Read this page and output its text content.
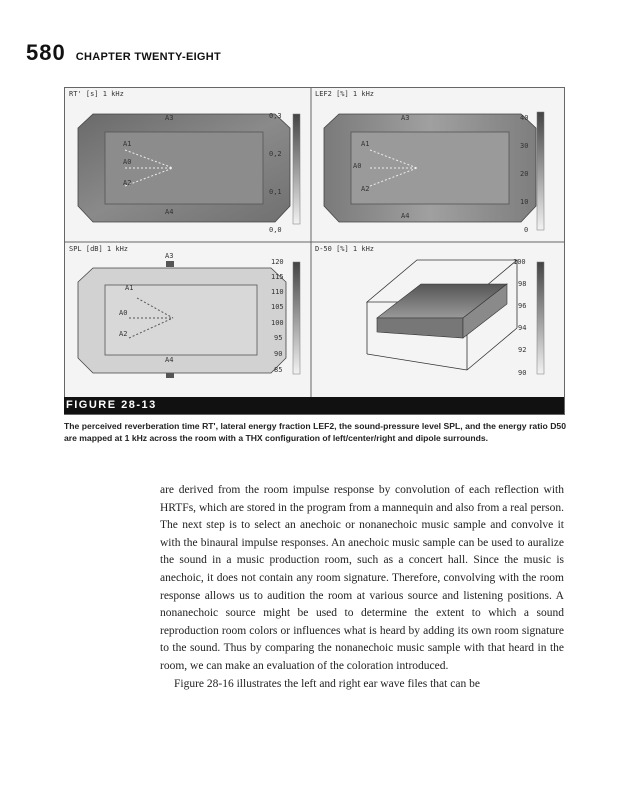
580 CHAPTER TWENTY-EIGHT
RT' [s] 1 kHz	LEF2 [%] 1 kHz
SPL [dB] 1 kHz	D-50 [%] 1 kHz
0,3
0,2
0,1
0,0
40
30
20
10
0
120
115
110
105
100
95
90
85
100
98
96
94
92
90
A3
A1
A0
A2
A4
A3
A1
A0
A2
A4
A3
A1
A0
A2
A4
FIGURE 28-13
The perceived reverberation time RT', lateral energy fraction LEF2, the sound-pressure level SPL, and the energy ratio D50 are mapped at 1 kHz across the room with a THX configuration of left/center/right and dipole surrounds.

are derived from the room impulse response by convolution of each reflection with HRTFs, which are stored in the program from a mannequin and also from a real person. The next step is to select an anechoic or nonanechoic music sample and convolve it with the binaural impulse responses. An anechoic music sample can be used to auralize the sound in a music production room, such as a concert hall. Since the music is anechoic, it does not contain any room signature. Therefore, convolving with the room response allows us to audition the room at various source and listening positions. A nonanechoic source might be used to determine the extent to which a sound reproduction room colors or influences what is heard by adding its own room signature to the sound. Thus by comparing the nonanechoic music sample with that heard in the room, we can make an evaluation of the coloration introduced.

Figure 28-16 illustrates the left and right ear wave files that can be
